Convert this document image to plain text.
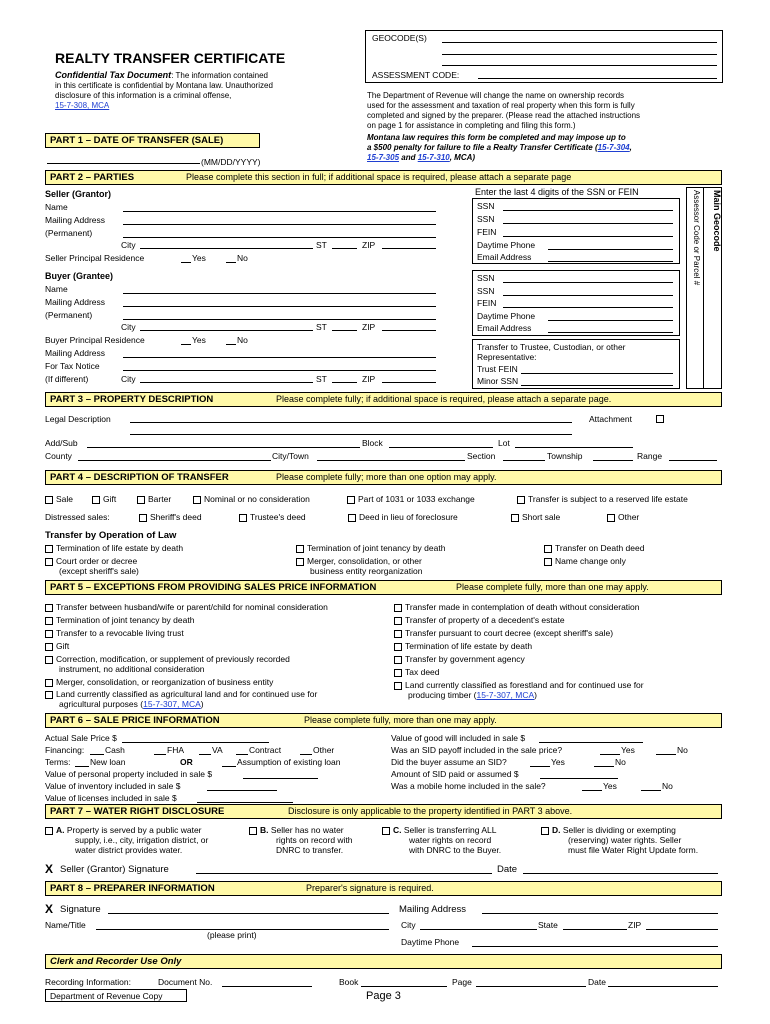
GEOCODE(S)
ASSESSMENT CODE:
REALTY TRANSFER CERTIFICATE
Confidential Tax Document: The information contained
in this certificate is confidential by Montana law. Unauthorized
disclosure of this information is a criminal offense,
15-7-308, MCA
The Department of Revenue will change the name on ownership records
used for the assessment and taxation of real property when this form is fully
completed and signed by the preparer. (Please read the attached instructions
on page 1 for assistance in completing and filing this form.)
Montana law requires this form be completed and may impose up to
a $500 penalty for failure to file a Realty Transfer Certificate (15-7-304,
15-7-305 and 15-7-310, MCA)
PART 1 – DATE OF TRANSFER (SALE)
(MM/DD/YYYY)
PART 2 – PARTIES	Please complete this section in full; if additional space is required, please attach a separate page
Seller (Grantor)
Name
Mailing Address
(Permanent)
City	ST	ZIP
Seller Principal Residence	Yes	No
Buyer (Grantee)
Name
Mailing Address
(Permanent)
City	ST	ZIP
Buyer Principal Residence	Yes	No
Mailing Address
For Tax Notice
(If different)	City	ST	ZIP
Enter the last 4 digits of the SSN or FEIN
SSN
SSN
FEIN
Daytime Phone
Email Address
SSN
SSN
FEIN
Daytime Phone
Email Address
Transfer to Trustee, Custodian, or other
Representative:
Trust FEIN
Minor SSN
Main Geocode
Assessor Code or Parcel #
PART 3 – PROPERTY DESCRIPTION	Please complete fully; if additional space is required, please attach a separate page.
Legal Description	Attachment
Add/Sub	Block	Lot
County	City/Town	Section	Township	Range
PART 4 – DESCRIPTION OF TRANSFER	Please complete fully; more than one option may apply.
Sale	Gift	Barter	Nominal or no consideration	Part of 1031 or 1033 exchange	Transfer is subject to a reserved life estate
Distressed sales:	Sheriff's deed	Trustee's deed	Deed in lieu of foreclosure	Short sale	Other
Transfer by Operation of Law
Termination of life estate by death	Termination of joint tenancy by death	Transfer on Death deed
Court order or decree
(except sheriff's sale)
Merger, consolidation, or other
business entity reorganization
Name change only
PART 5 – EXCEPTIONS FROM PROVIDING SALES PRICE INFORMATION	Please complete fully, more than one may apply.
Transfer between husband/wife or parent/child for nominal consideration
Termination of joint tenancy by death
Transfer to a revocable living trust
Gift
Correction, modification, or supplement of previously recorded
instrument, no additional consideration
Merger, consolidation, or reorganization of business entity
Land currently classified as agricultural land and for continued use for
agricultural purposes (15-7-307, MCA)
Transfer made in contemplation of death without consideration
Transfer of property of a decedent's estate
Transfer pursuant to court decree (except sheriff's sale)
Termination of life estate by death
Transfer by government agency
Tax deed
Land currently classified as forestland and for continued use for
producing timber (15-7-307, MCA)
PART 6 – SALE PRICE INFORMATION	Please complete fully, more than one may apply.
Actual Sale Price $
Financing: Cash	FHA	VA	Contract	Other
Terms: New loan	OR	Assumption of existing loan
Value of personal property included in sale $
Value of inventory included in sale $
Value of licenses included in sale $
Value of good will included in sale $
Was an SID payoff included in the sale price?	Yes	No
Did the buyer assume an SID?	Yes	No
Amount of SID paid or assumed $
Was a mobile home included in the sale?	Yes	No
PART 7 – WATER RIGHT DISCLOSURE	Disclosure is only applicable to the property identified in PART 3 above.
A. Property is served by a public water
supply, i.e., city, irrigation district, or
water district provides water.
B. Seller has no water
rights on record with
DNRC to transfer.
C. Seller is transferring ALL
water rights on record
with DNRC to the Buyer.
D. Seller is dividing or exempting
(reserving) water rights. Seller
must file Water Right Update form.
X Seller (Grantor) Signature	Date
PART 8 – PREPARER INFORMATION	Preparer's signature is required.
X Signature	Mailing Address
Name/Title
(please print)
City	State	ZIP
Daytime Phone
Clerk and Recorder Use Only
Recording Information:	Document No.	Book	Page	Date
Department of Revenue Copy	Page 3
